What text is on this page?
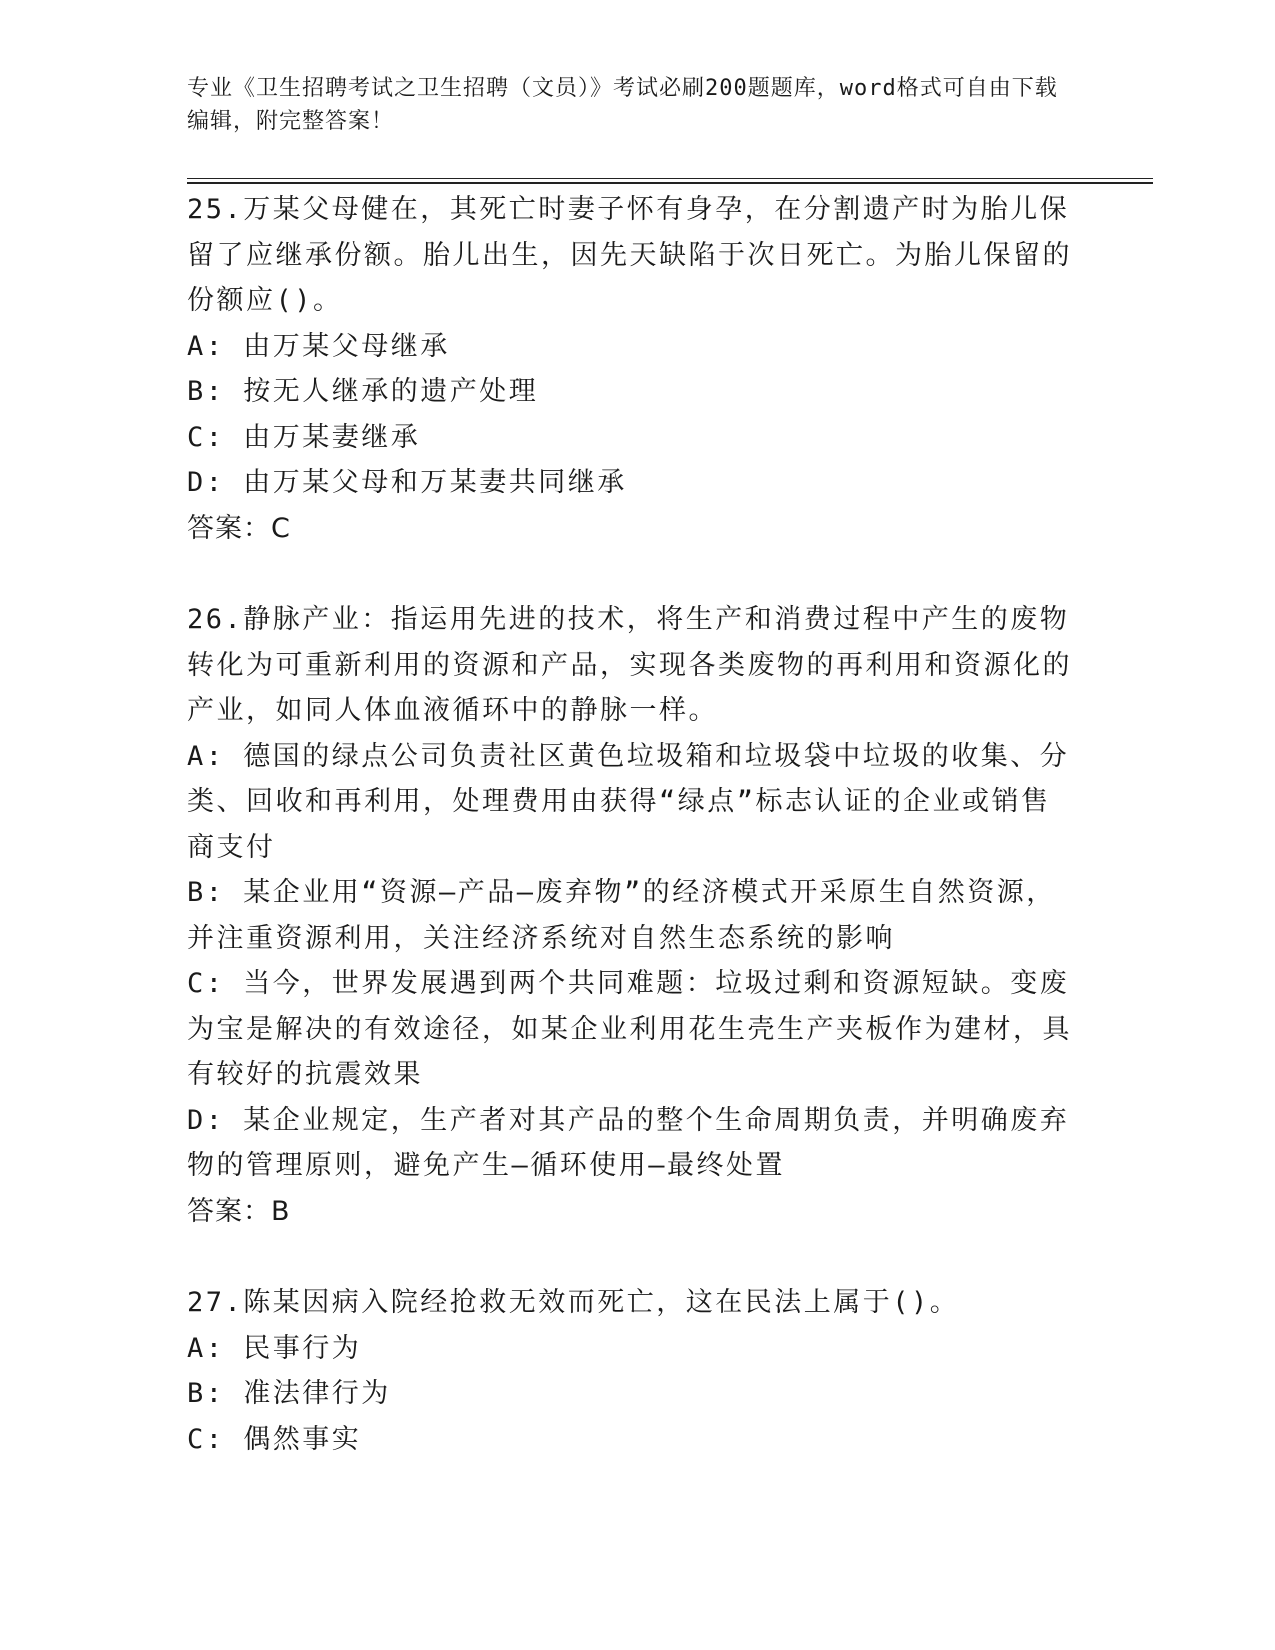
专业《卫生招聘考试之卫生招聘（文员）》考试必刷200题题库，word格式可自由下载编辑，附完整答案！

25.万某父母健在，其死亡时妻子怀有身孕，在分割遗产时为胎儿保留了应继承份额。胎儿出生，因先天缺陷于次日死亡。为胎儿保留的份额应()。

A: 由万某父母继承

B: 按无人继承的遗产处理

C: 由万某妻继承

D: 由万某父母和万某妻共同继承

答案：C

26.静脉产业：指运用先进的技术，将生产和消费过程中产生的废物转化为可重新利用的资源和产品，实现各类废物的再利用和资源化的产业，如同人体血液循环中的静脉一样。

A: 德国的绿点公司负责社区黄色垃圾箱和垃圾袋中垃圾的收集、分类、回收和再利用，处理费用由获得“绿点”标志认证的企业或销售商支付

B: 某企业用“资源—产品—废弃物”的经济模式开采原生自然资源，并注重资源利用，关注经济系统对自然生态系统的影响

C: 当今，世界发展遇到两个共同难题：垃圾过剩和资源短缺。变废为宝是解决的有效途径，如某企业利用花生壳生产夹板作为建材，具有较好的抗震效果

D: 某企业规定，生产者对其产品的整个生命周期负责，并明确废弃物的管理原则，避免产生—循环使用—最终处置

答案：B

27.陈某因病入院经抢救无效而死亡，这在民法上属于()。

A: 民事行为

B: 准法律行为

C: 偶然事实
